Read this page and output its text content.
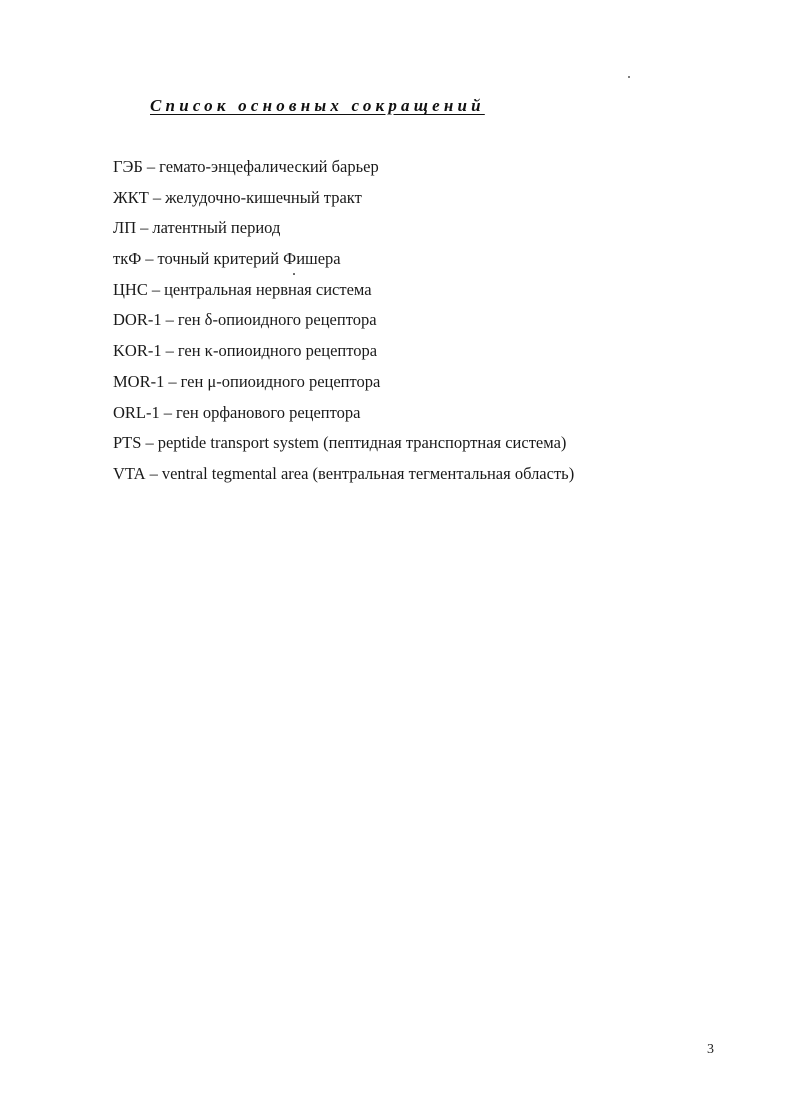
Список основных сокращений
ГЭБ – гемато-энцефалический барьер
ЖКТ – желудочно-кишечный тракт
ЛП – латентный период
ткФ – точный критерий Фишера
ЦНС – центральная нервная система
DOR-1 – ген δ-опиоидного рецептора
KOR-1 – ген κ-опиоидного рецептора
MOR-1 – ген μ-опиоидного рецептора
ORL-1 – ген орфанового рецептора
PTS – peptide transport system (пептидная транспортная система)
VTA – ventral tegmental area (вентральная тегментальная область)
3
